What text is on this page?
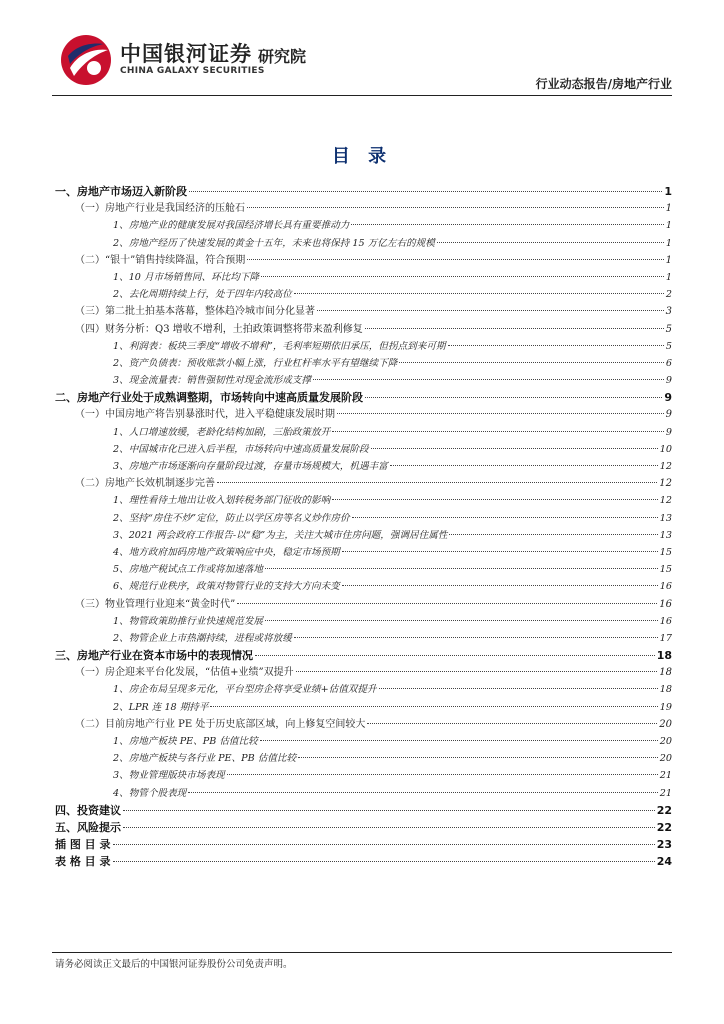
中国银河证券 研究院
CHINA GALAXY SECURITIES
行业动态报告/房地产行业
目 录
一、房地产市场迈入新阶段	1
（一）房地产行业是我国经济的压舱石	1
1、房地产业的健康发展对我国经济增长具有重要推动力	1
2、房地产经历了快速发展的黄金十五年，未来也将保持 15 万亿左右的规模	1
（二）“银十”销售持续降温，符合预期	1
1、10 月市场销售同、环比均下降	1
2、去化周期持续上行，处于四年内较高位	2
（三）第二批土拍基本落幕，整体趋冷城市间分化显著	3
（四）财务分析：Q3 增收不增利，土拍政策调整将带来盈利修复	5
1、利润表：板块三季度“增收不增利”，毛利率短期依旧承压，但拐点到来可期	5
2、资产负债表：预收账款小幅上涨，行业杠杆率水平有望继续下降	6
3、现金流量表：销售强韧性对现金流形成支撑	9
二、房地产行业处于成熟调整期，市场转向中速高质量发展阶段	9
（一）中国房地产将告别暴涨时代，进入平稳健康发展时期	9
1、人口增速放缓，老龄化结构加剧，三胎政策放开	9
2、中国城市化已进入后半程，市场转向中速高质量发展阶段	10
3、房地产市场逐渐向存量阶段过渡，存量市场规模大，机遇丰富	12
（二）房地产长效机制逐步完善	12
1、理性看待土地出让收入划转税务部门征收的影响	12
2、坚持“房住不炒”定位，防止以学区房等名义炒作房价	13
3、2021 两会政府工作报告-以“稳”为主，关注大城市住房问题，强调居住属性	13
4、地方政府加码房地产政策响应中央，稳定市场预期	15
5、房地产税试点工作或将加速落地	15
6、规范行业秩序，政策对物管行业的支持大方向未变	16
（三）物业管理行业迎来“黄金时代”	16
1、物管政策助推行业快速规范发展	16
2、物管企业上市热潮持续，进程或将放缓	17
三、房地产行业在资本市场中的表现情况	18
（一）房企迎来平台化发展，“估值+业绩”双提升	18
1、房企布局呈现多元化，平台型房企将享受业绩+估值双提升	18
2、LPR 连 18 期持平	19
（二）目前房地产行业 PE 处于历史底部区域，向上修复空间较大	20
1、房地产板块 PE、PB 估值比较	20
2、房地产板块与各行业 PE、PB 估值比较	20
3、物业管理版块市场表现	21
4、物管个股表现	21
四、投资建议	22
五、风险提示	22
插 图 目 录	23
表 格 目 录	24
请务必阅读正文最后的中国银河证券股份公司免责声明。
